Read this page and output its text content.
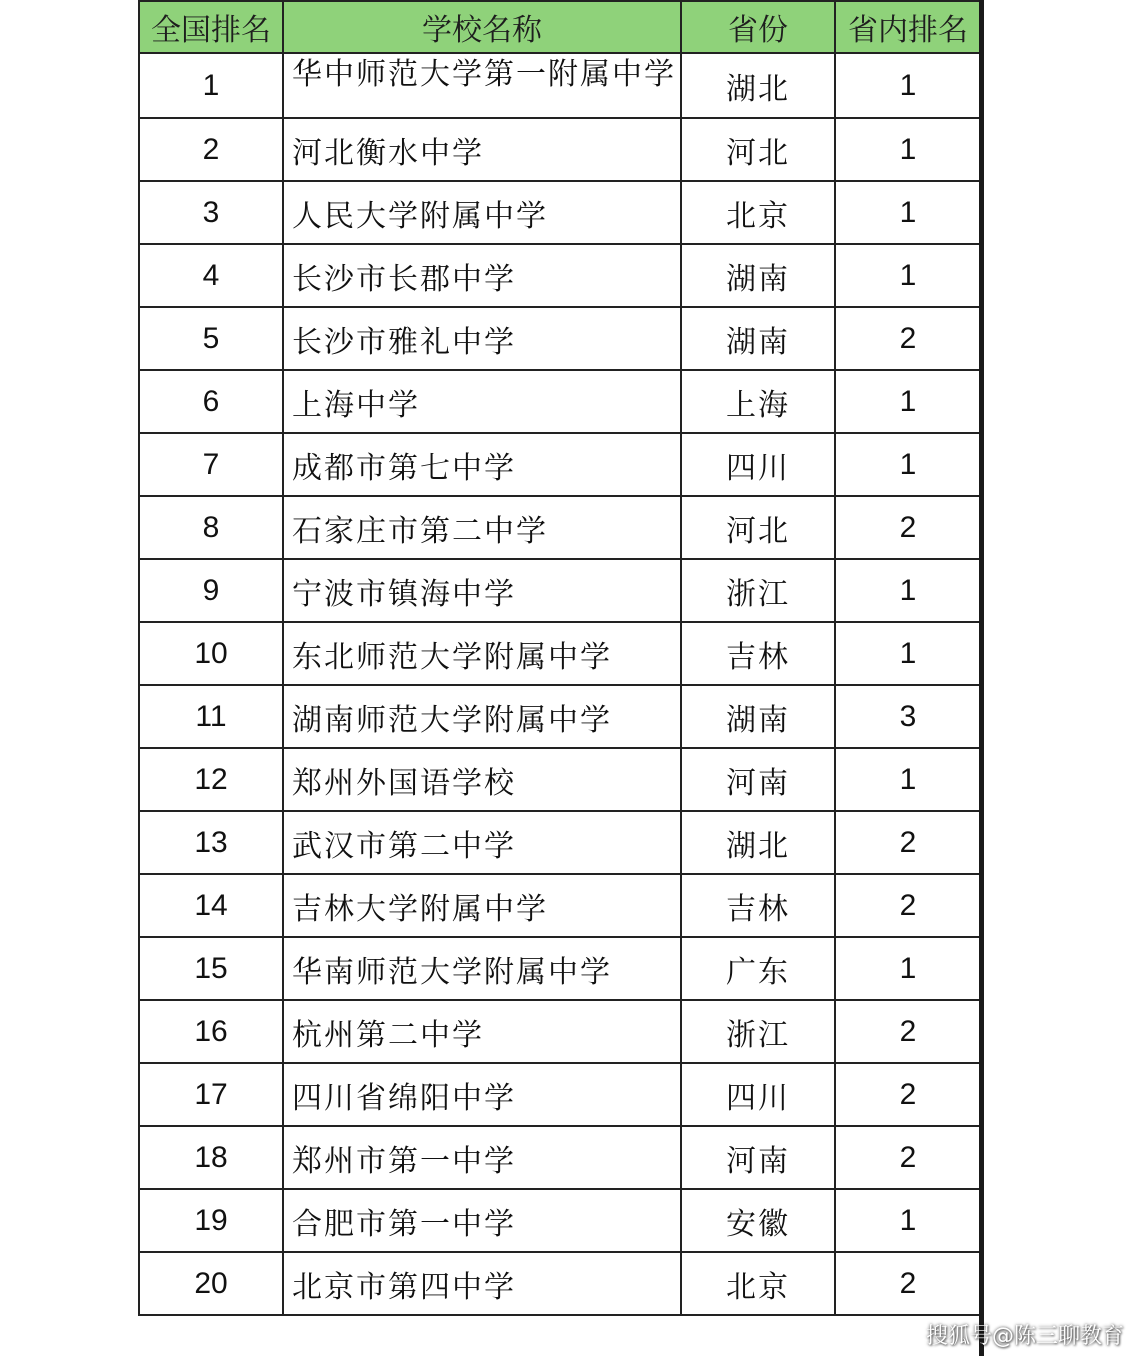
全国排名	学校名称	省份	省内排名
1	华中师范大学第一附属中学	湖北	1
2	河北衡水中学	河北	1
3	人民大学附属中学	北京	1
4	长沙市长郡中学	湖南	1
5	长沙市雅礼中学	湖南	2
6	上海中学	上海	1
7	成都市第七中学	四川	1
8	石家庄市第二中学	河北	2
9	宁波市镇海中学	浙江	1
10	东北师范大学附属中学	吉林	1
11	湖南师范大学附属中学	湖南	3
12	郑州外国语学校	河南	1
13	武汉市第二中学	湖北	2
14	吉林大学附属中学	吉林	2
15	华南师范大学附属中学	广东	1
16	杭州第二中学	浙江	2
17	四川省绵阳中学	四川	2
18	郑州市第一中学	河南	2
19	合肥市第一中学	安徽	1
20	北京市第四中学	北京	2
搜狐号@陈三聊教育
